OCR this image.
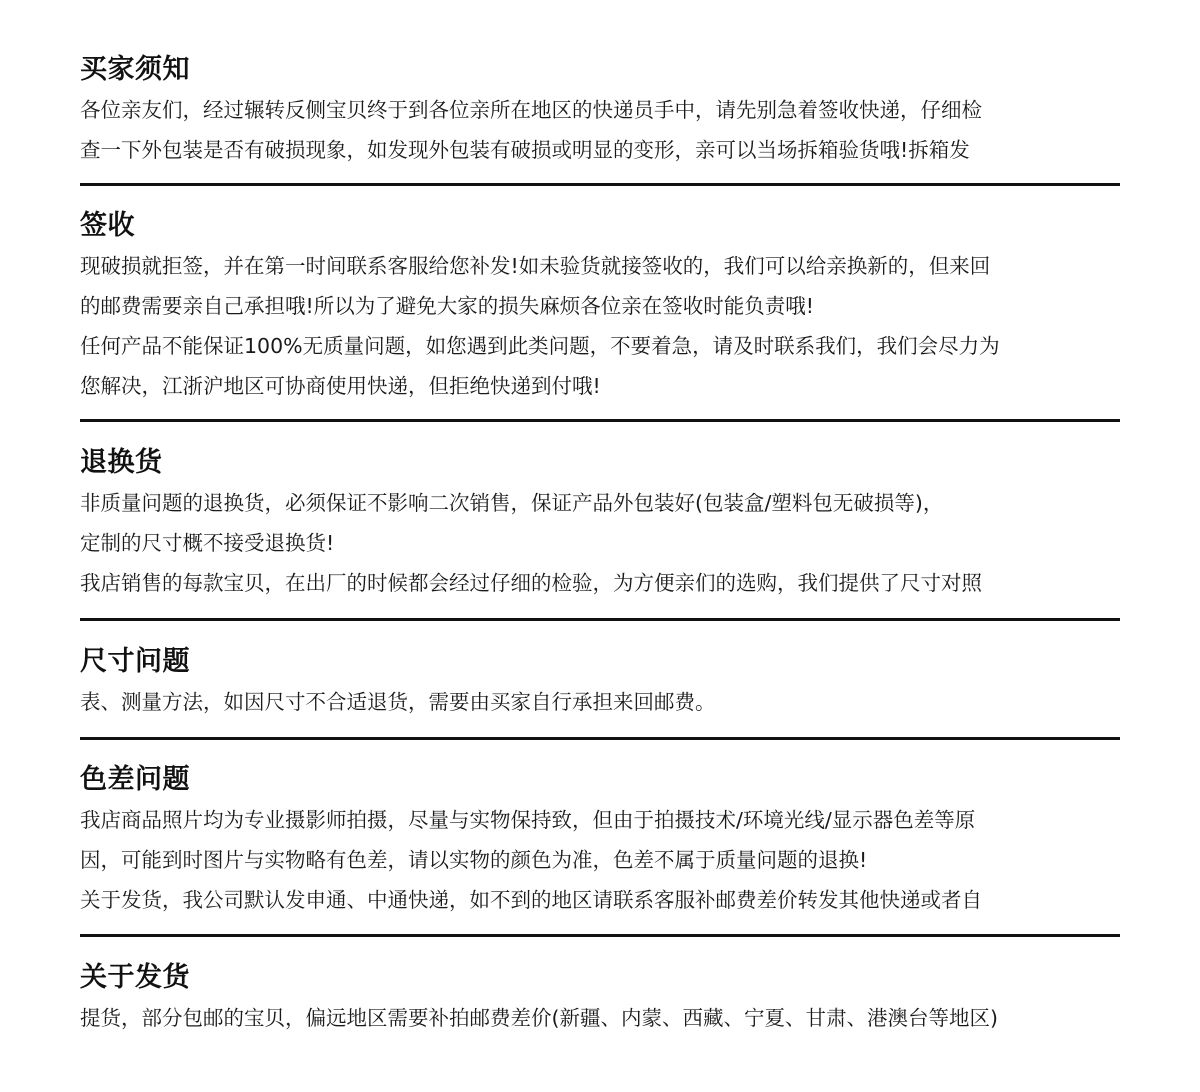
买家须知

各位亲友们，经过辗转反侧宝贝终于到各位亲所在地区的快递员手中，请先别急着签收快递，仔细检

查一下外包装是否有破损现象，如发现外包装有破损或明显的变形，亲可以当场拆箱验货哦!拆箱发

签收

现破损就拒签，并在第一时间联系客服给您补发!如未验货就接签收的，我们可以给亲换新的，但来回

的邮费需要亲自己承担哦!所以为了避免大家的损失麻烦各位亲在签收时能负责哦!

任何产品不能保证100%无质量问题，如您遇到此类问题，不要着急，请及时联系我们，我们会尽力为

您解决，江浙沪地区可协商使用快递，但拒绝快递到付哦!

退换货

非质量问题的退换货，必须保证不影响二次销售，保证产品外包装好(包装盒/塑料包无破损等)，

定制的尺寸概不接受退换货!

我店销售的每款宝贝，在出厂的时候都会经过仔细的检验，为方便亲们的选购，我们提供了尺寸对照

尺寸问题

表、测量方法，如因尺寸不合适退货，需要由买家自行承担来回邮费。

色差问题

我店商品照片均为专业摄影师拍摄，尽量与实物保持致，但由于拍摄技术/环境光线/显示器色差等原

因，可能到时图片与实物略有色差，请以实物的颜色为准，色差不属于质量问题的退换!

关于发货，我公司默认发申通、中通快递，如不到的地区请联系客服补邮费差价转发其他快递或者自

关于发货

提货，部分包邮的宝贝，偏远地区需要补拍邮费差价(新疆、内蒙、西藏、宁夏、甘肃、港澳台等地区)
